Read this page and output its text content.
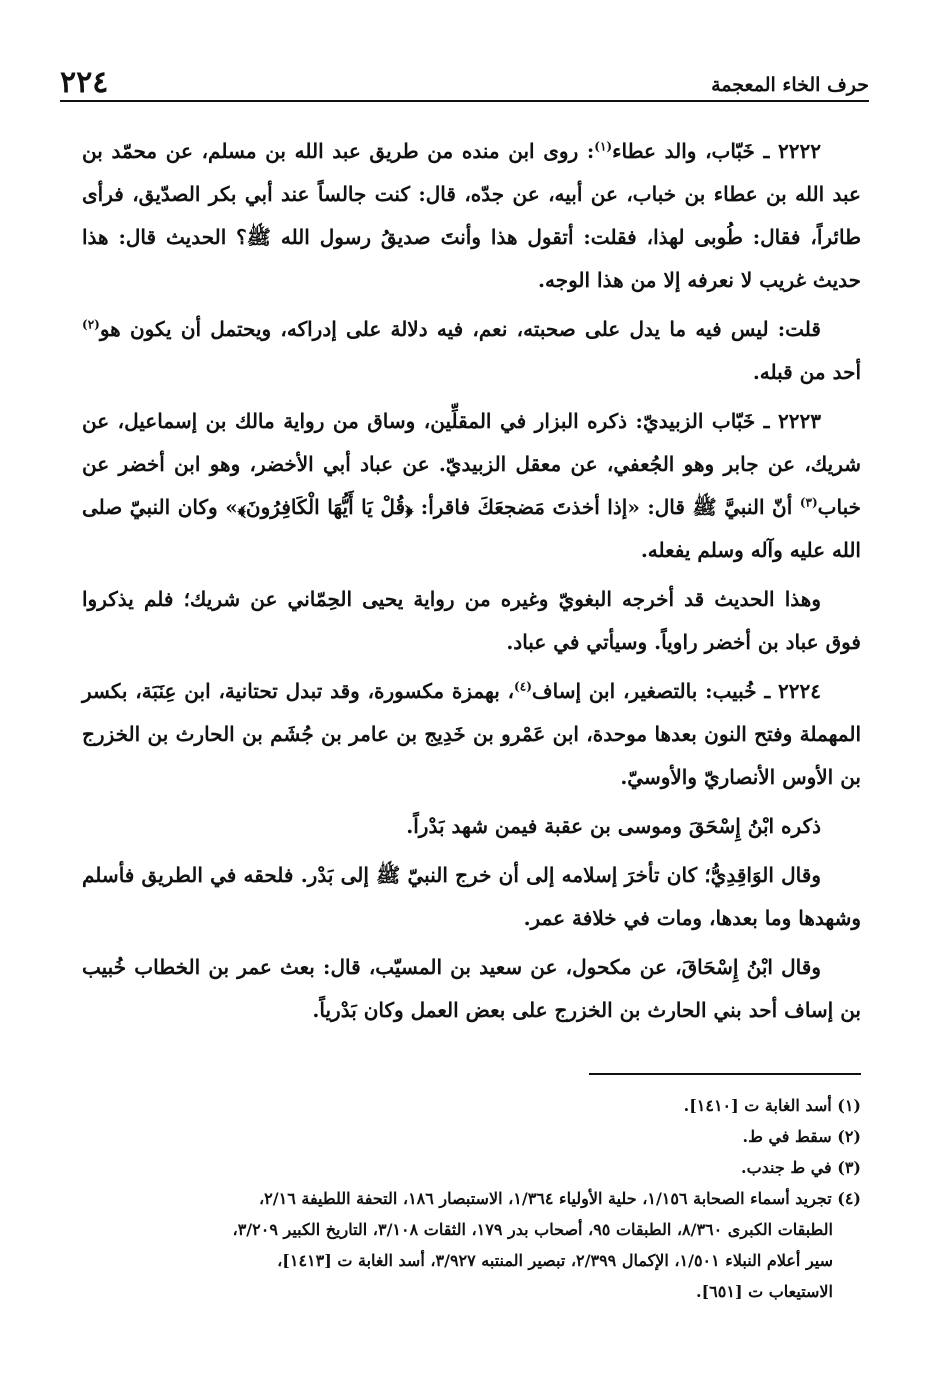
حرف الخاء المعجمة
٢٢٤

٢٢٢٢ ـ خَبّاب، والد عطاء$^{(١)}$: روى ابن منده من طريق عبد الله بن مسلم، عن محمّد بن عبد الله بن عطاء بن خباب، عن أبيه، عن جدّه، قال: كنت جالساً عند أبي بكر الصدّيق، فرأى طائراً، فقال: طُوبى لهذا، فقلت: أتقول هذا وأنتَ صديقُ رسول الله ﷺ؟ الحديث قال: هذا حديث غريب لا نعرفه إلا من هذا الوجه.

قلت: ليس فيه ما يدل على صحبته، نعم، فيه دلالة على إدراكه، ويحتمل أن يكون هو$^{(٢)}$ أحد من قبله.

٢٢٢٣ ـ خَبّاب الزبيديّ: ذكره البزار في المقلِّين، وساق من رواية مالك بن إسماعيل، عن شريك، عن جابر وهو الجُعفي، عن معقل الزبيديّ. عن عباد أبي الأخضر، وهو ابن أخضر عن خباب$^{(٣)}$ أنّ النبيَّ ﷺ قال: «إذا أخذتَ مَضجعَكَ فاقرأ: ﴿قُلْ يَا أَيُّهَا الْكَافِرُونَ﴾» وكان النبيّ صلى الله عليه وآله وسلم يفعله.

وهذا الحديث قد أخرجه البغويّ وغيره من رواية يحيى الحِمّاني عن شريك؛ فلم يذكروا فوق عباد بن أخضر راوياً. وسيأتي في عباد.

٢٢٢٤ ـ خُبيب: بالتصغير، ابن إساف$^{(٤)}$، بهمزة مكسورة، وقد تبدل تحتانية، ابن عِنَبَة، بكسر المهملة وفتح النون بعدها موحدة، ابن عَمْرو بن خَدِيج بن عامر بن جُشَم بن الحارث بن الخزرج بن الأوس الأنصاريّ والأوسيّ.

ذكره ابْنُ إِسْحَقَ وموسى بن عقبة فيمن شهد بَدْراً.

وقال الوَاقِدِيُّ؛ كان تأخرَ إسلامه إلى أن خرج النبيّ ﷺ إلى بَدْر. فلحقه في الطريق فأسلم وشهدها وما بعدها، ومات في خلافة عمر.

وقال ابْنُ إِسْحَاقَ، عن مكحول، عن سعيد بن المسيّب، قال: بعث عمر بن الخطاب خُبيب بن إساف أحد بني الحارث بن الخزرج على بعض العمل وكان بَدْرياً.

(١) أسد الغابة ت [١٤١٠].

(٢) سقط في ط.

(٣) في ط جندب.

(٤) تجريد أسماء الصحابة ١/١٥٦، حلية الأولياء ١/٣٦٤، الاستبصار ١٨٦، التحفة اللطيفة ٢/١٦،

الطبقات الكبرى ٨/٣٦٠، الطبقات ٩٥، أصحاب بدر ١٧٩، الثقات ٣/١٠٨، التاريخ الكبير ٣/٢٠٩،

سير أعلام النبلاء ١/٥٠١، الإكمال ٢/٣٩٩، تبصير المنتبه ٣/٩٢٧، أسد الغابة ت [١٤١٣]،

الاستيعاب ت [٦٥١].
